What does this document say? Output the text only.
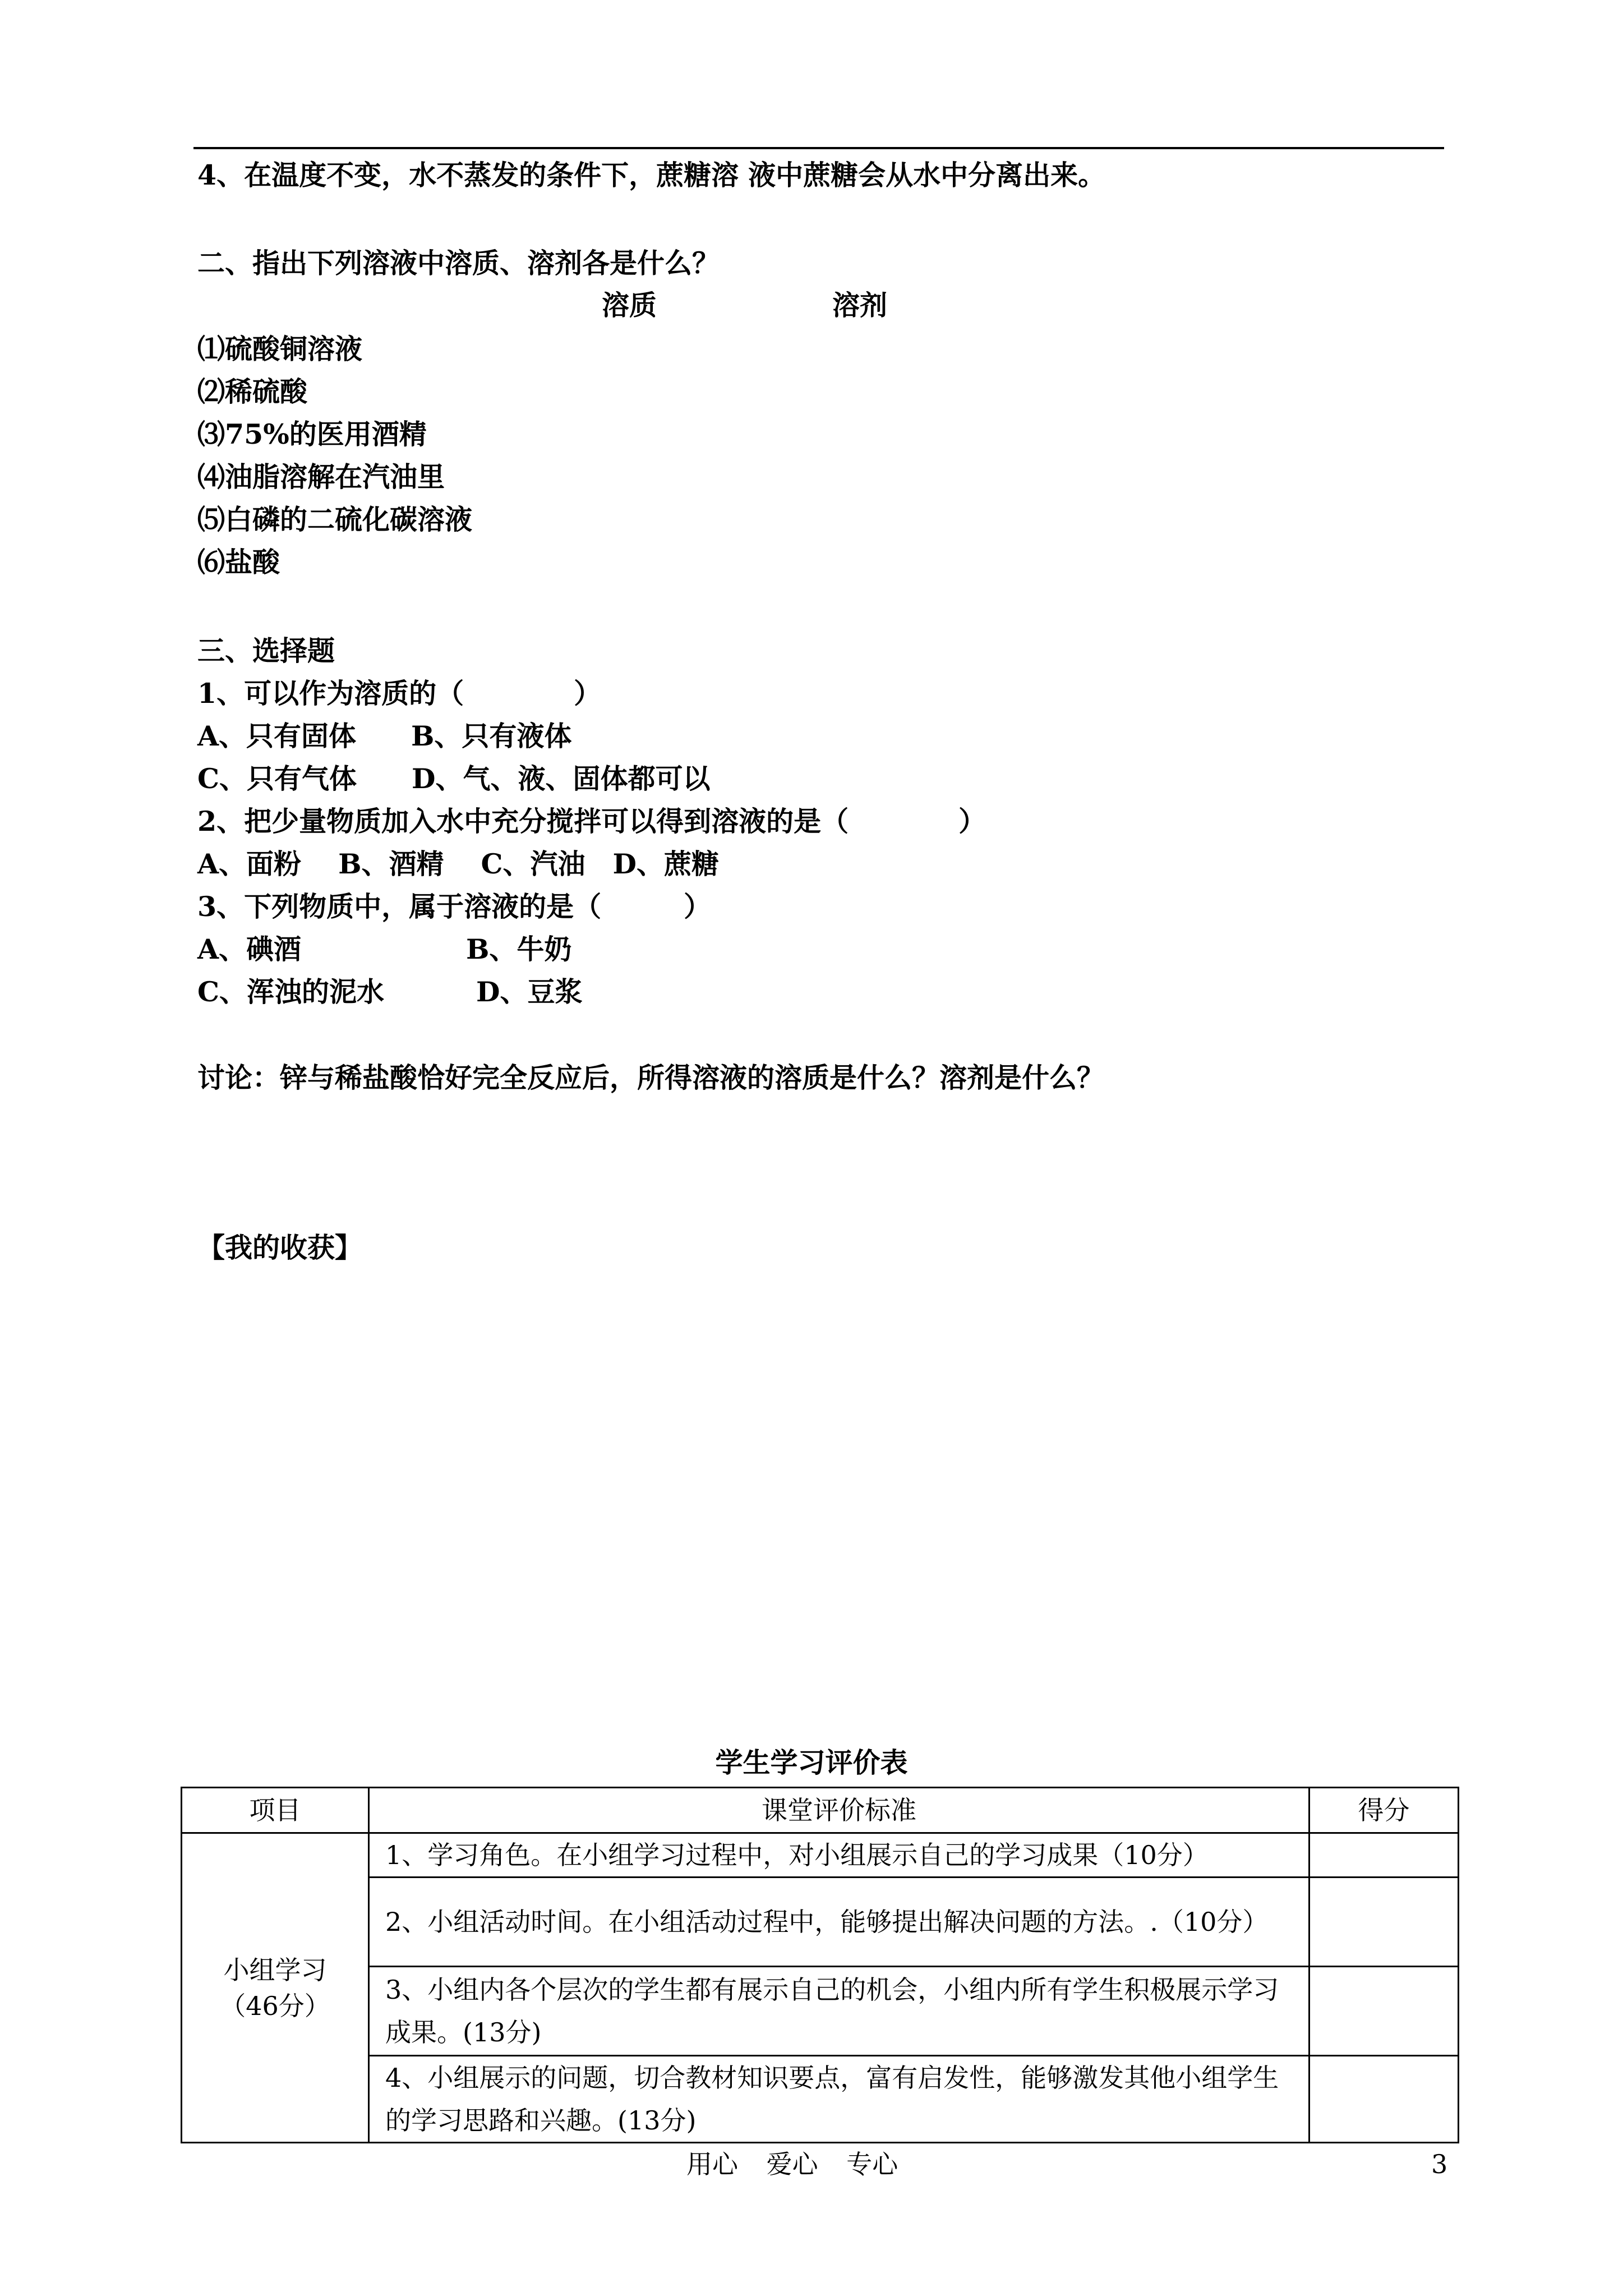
4、在温度不变，水不蒸发的条件下，蔗糖溶 液中蔗糖会从水中分离出来。
二、指出下列溶液中溶质、溶剂各是什么？
溶质	溶剂
⑴硫酸铜溶液
⑵稀硫酸
⑶75%的医用酒精
⑷油脂溶解在汽油里
⑸白磷的二硫化碳溶液
⑹盐酸
三、选择题
1、可以作为溶质的（　　　　）
A、只有固体　　B、只有液体
C、只有气体　　D、气、液、固体都可以
2、把少量物质加入水中充分搅拌可以得到溶液的是（　　　　）
A、面粉　 B、酒精　 C、汽油　D、蔗糖
3、下列物质中，属于溶液的是（　　　）
A、碘酒　　　　　　B、牛奶
C、浑浊的泥水　　　 D、豆浆
讨论：锌与稀盐酸恰好完全反应后，所得溶液的溶质是什么？溶剂是什么？
【我的收获】
学生学习评价表
项目	课堂评价标准	得分

小组学习
（46分）	1、学习角色。在小组学习过程中，对小组展示自己的学习成果（10分）	
	2、小组活动时间。在小组活动过程中，能够提出解决问题的方法。.（10分）	
	3、小组内各个层次的学生都有展示自己的机会，小组内所有学生积极展示学习成果。(13分)	
	4、小组展示的问题，切合教材知识要点，富有启发性，能够激发其他小组学生的学习思路和兴趣。(13分)	
用心 爱心 专心	3
